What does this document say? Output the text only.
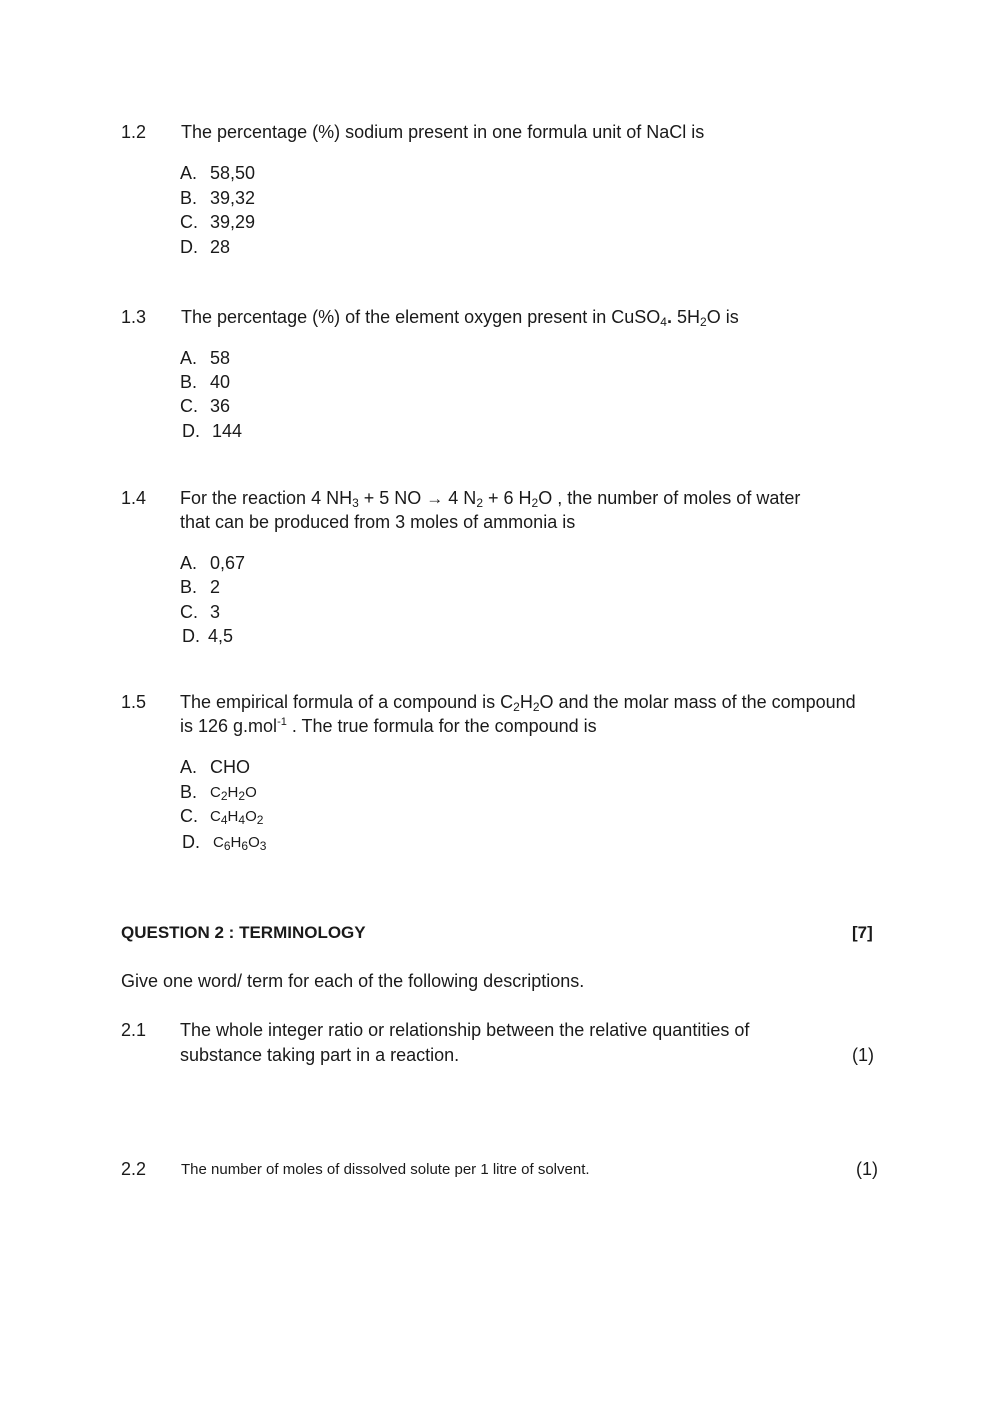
1.2 The percentage (%) sodium present in one formula unit of NaCl is
A. 58,50
B. 39,32
C. 39,29
D. 28
1.3 The percentage (%) of the element oxygen present in CuSO$_4$. $5H_2O$ is
A. 58
B. 40
C. 36
D. 144
1.4 For the reaction 4 $NH_3 + 5$ NO → 4 $N_2 + 6$ $H_2O$ , the number of moles of water
that can be produced from 3 moles of ammonia is
A. 0,67
B. 2
C. 3
D. 4,5
1.5 The empirical formula of a compound is $C_2H_2O$ and the molar mass of the compound
is 126 g.mol$^{-1}$ . The true formula for the compound is
A. CHO
B. $C_2H_2O$
C. $C_4H_4O_2$
D. $C_6H_6O_3$
QUESTION 2 : TERMINOLOGY	[7]
Give one word/ term for each of the following descriptions.
2.1 The whole integer ratio or relationship between the relative quantities of
substance taking part in a reaction.	(1)
2.2 The number of moles of dissolved solute per 1 litre of solvent.	(1)
